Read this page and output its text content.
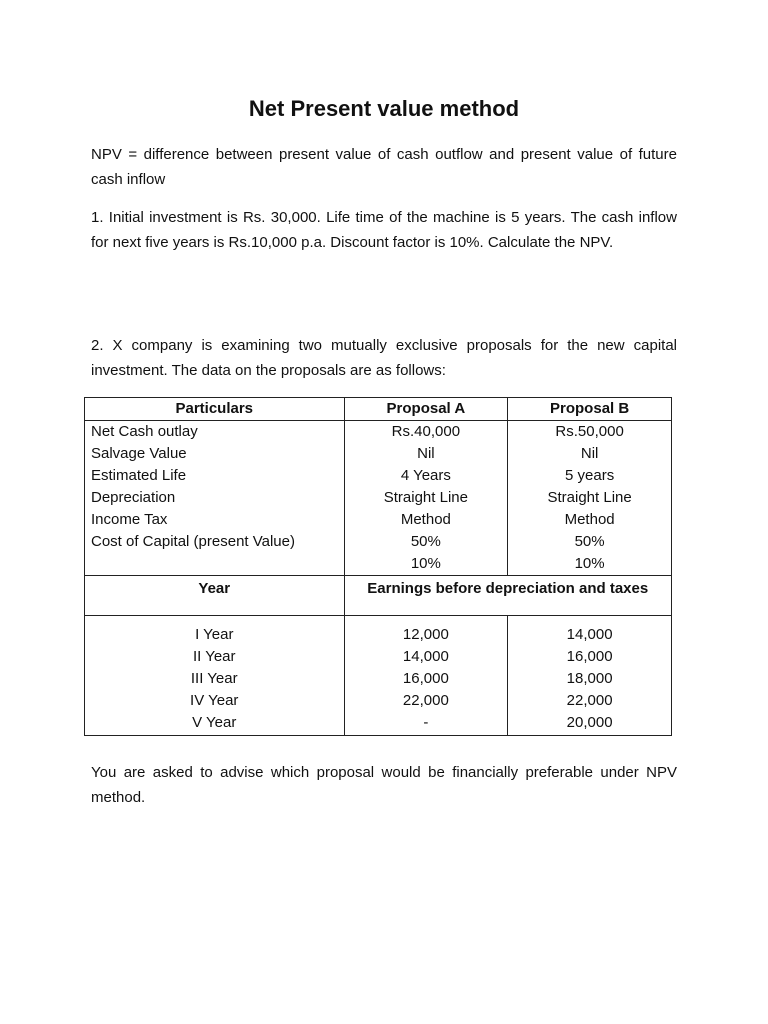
Net Present value method
NPV = difference between present value of cash outflow and present value of future cash inflow
1. Initial investment is Rs. 30,000. Life time of the machine is 5 years. The cash inflow for next five years is Rs.10,000 p.a. Discount factor is 10%. Calculate the NPV.
2. X company is examining two mutually exclusive proposals for the new capital investment. The data on the proposals are as follows:
Particulars	Proposal A	Proposal B
Net Cash outlay	Rs.40,000	Rs.50,000
Salvage Value	Nil	Nil
Estimated Life	4 Years	5 years
Depreciation	Straight Line	Straight Line
Income Tax	Method	Method
Cost of Capital (present Value)	50%	50%
	10%	10%
Year	Earnings before depreciation and taxes	

I Year	12,000	14,000
II Year	14,000	16,000
III Year	16,000	18,000
IV Year	22,000	22,000
V Year	-	20,000
You are asked to advise which proposal would be financially preferable under NPV method.
